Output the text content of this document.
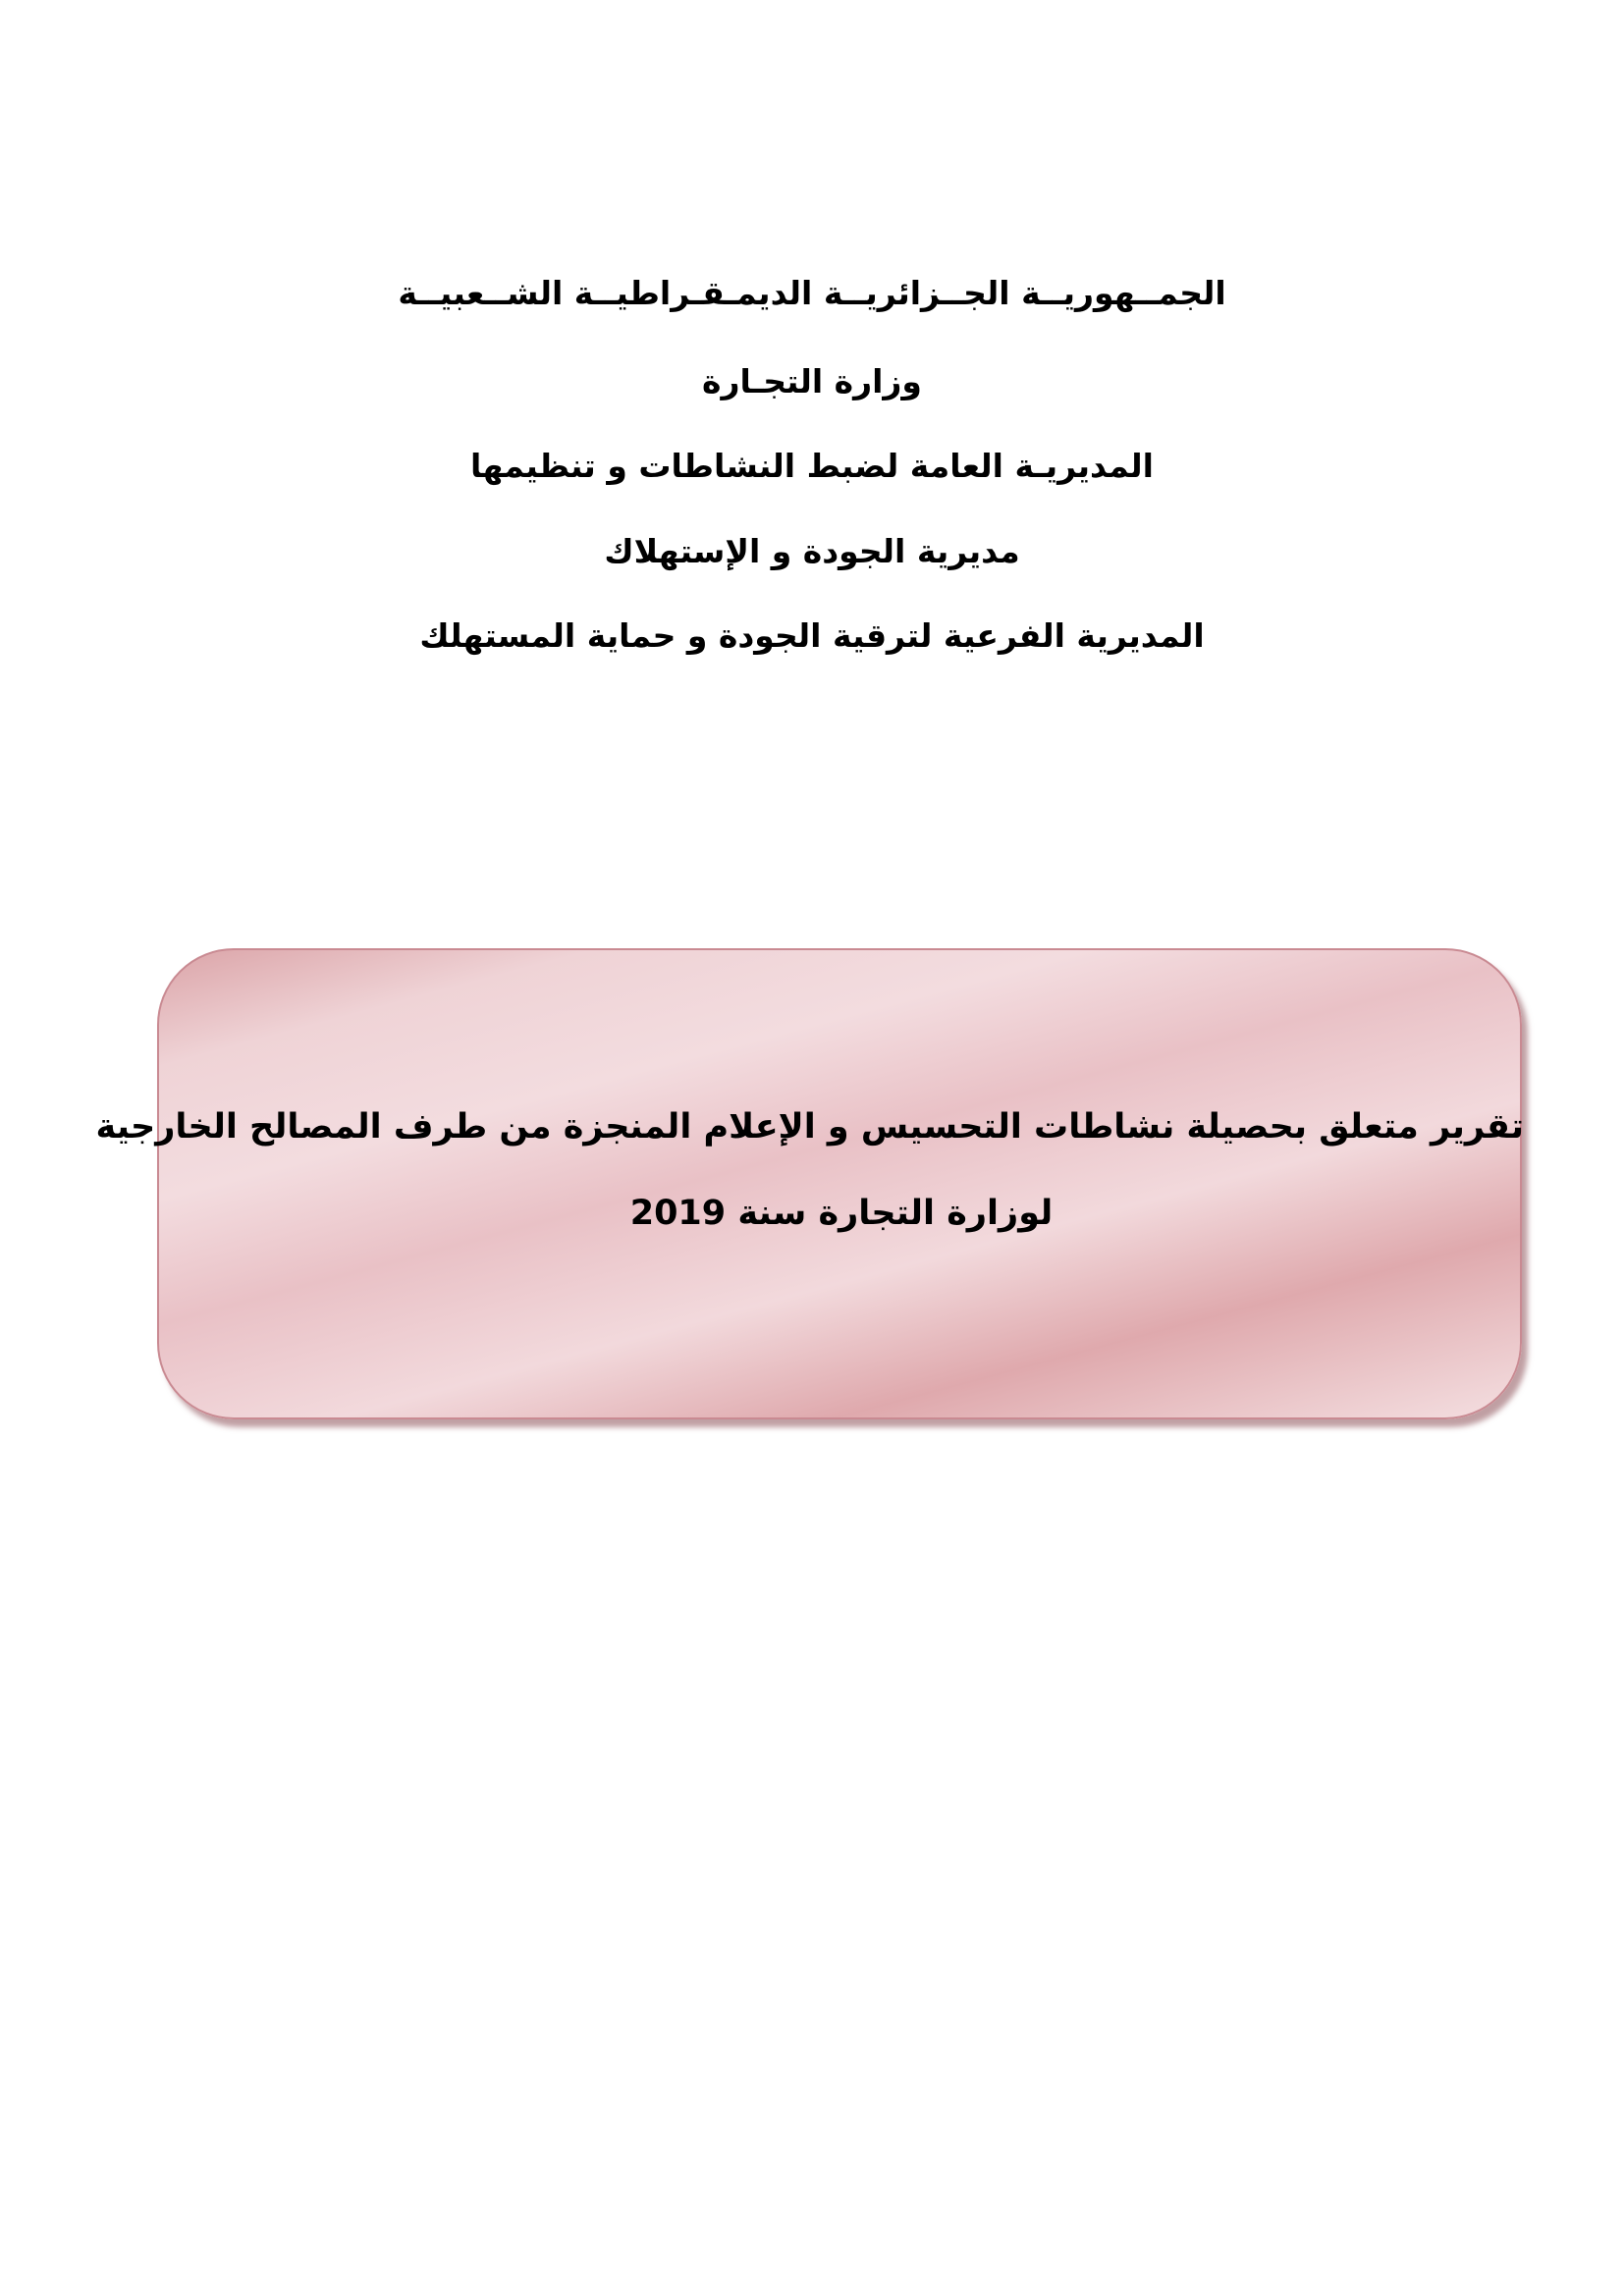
الجمــهوريــة الجــزائريــة الديمـقـراطيــة الشــعبيــة
وزارة التجـارة
المديريـة العامة لضبط النشاطات و تنظيمها
مديرية الجودة و الإستهلاك
المديرية الفرعية لترقية الجودة و حماية المستهلك
تقرير متعلق بحصيلة نشاطات التحسيس و الإعلام المنجزة من طرف المصالح الخارجية
لوزارة التجارة سنة 2019
